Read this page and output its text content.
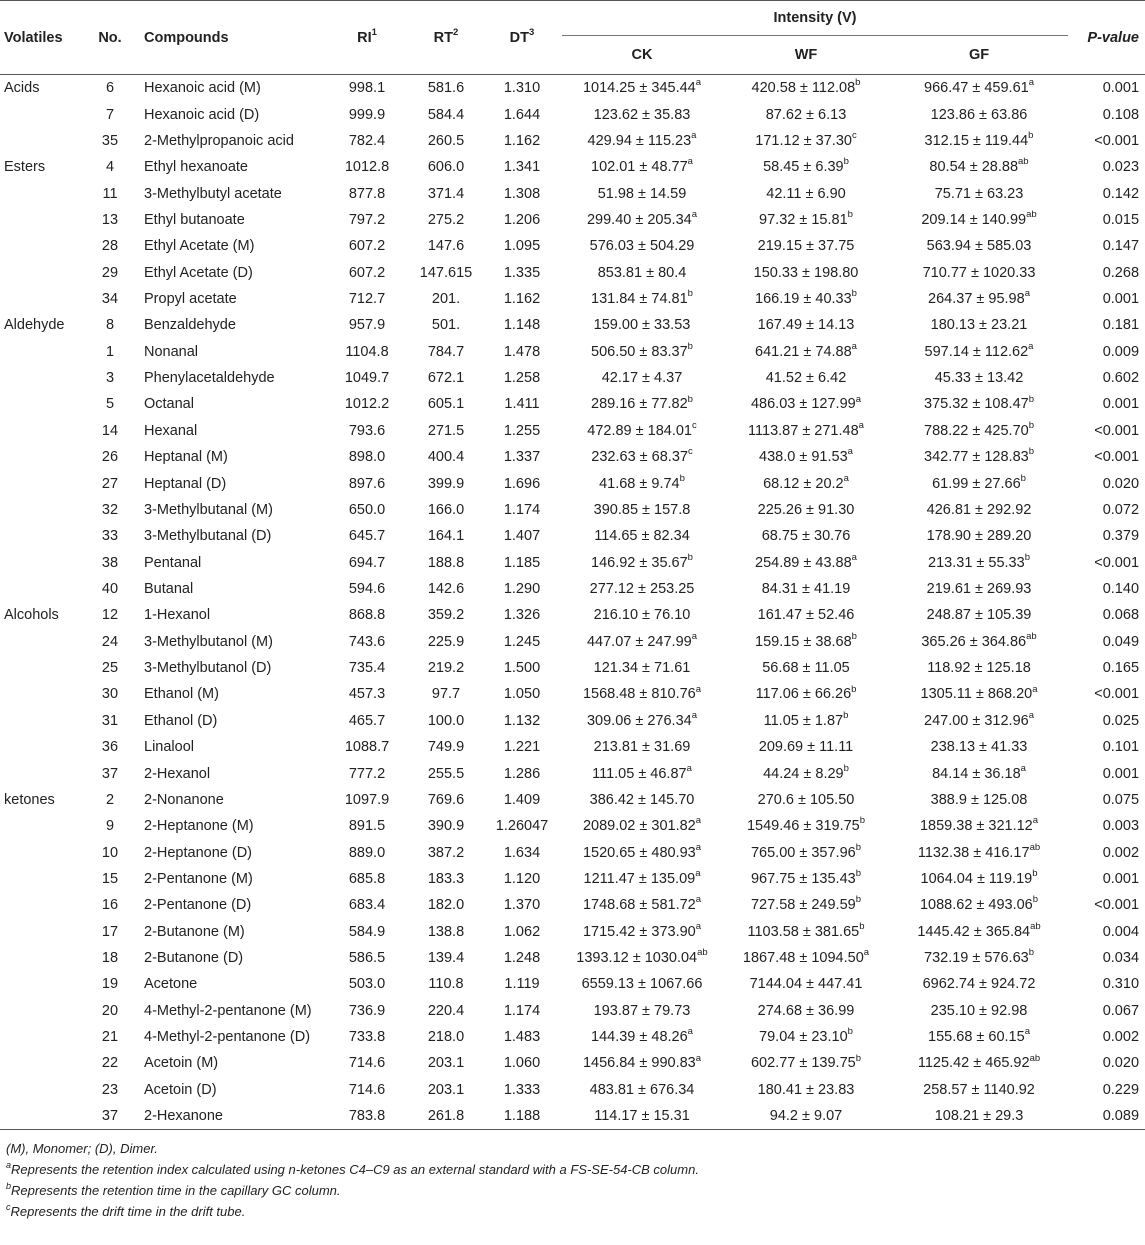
Volatiles	No.	Compounds	$RI^1$	$RT^2$	$DT^3$	Intensity (V)			P-value
						CK	WF	GF	
Acids	6	Hexanoic acid (M)	998.1	581.6	1.310	1014.25 ± 345.44$^a$	420.58 ± 112.08$^b$	966.47 ± 459.61$^a$	0.001
	7	Hexanoic acid (D)	999.9	584.4	1.644	123.62 ± 35.83	87.62 ± 6.13	123.86 ± 63.86	0.108
	35	2-Methylpropanoic acid	782.4	260.5	1.162	429.94 ± 115.23$^a$	171.12 ± 37.30$^c$	312.15 ± 119.44$^b$	<0.001
Esters	4	Ethyl hexanoate	1012.8	606.0	1.341	102.01 ± 48.77$^a$	58.45 ± 6.39$^b$	80.54 ± 28.88$^{ab}$	0.023
	11	3-Methylbutyl acetate	877.8	371.4	1.308	51.98 ± 14.59	42.11 ± 6.90	75.71 ± 63.23	0.142
	13	Ethyl butanoate	797.2	275.2	1.206	299.40 ± 205.34$^a$	97.32 ± 15.81$^b$	209.14 ± 140.99$^{ab}$	0.015
	28	Ethyl Acetate (M)	607.2	147.6	1.095	576.03 ± 504.29	219.15 ± 37.75	563.94 ± 585.03	0.147
	29	Ethyl Acetate (D)	607.2	147.615	1.335	853.81 ± 80.4	150.33 ± 198.80	710.77 ± 1020.33	0.268
	34	Propyl acetate	712.7	201.	1.162	131.84 ± 74.81$^b$	166.19 ± 40.33$^b$	264.37 ± 95.98$^a$	0.001
Aldehyde	8	Benzaldehyde	957.9	501.	1.148	159.00 ± 33.53	167.49 ± 14.13	180.13 ± 23.21	0.181
	1	Nonanal	1104.8	784.7	1.478	506.50 ± 83.37$^b$	641.21 ± 74.88$^a$	597.14 ± 112.62$^a$	0.009
	3	Phenylacetaldehyde	1049.7	672.1	1.258	42.17 ± 4.37	41.52 ± 6.42	45.33 ± 13.42	0.602
	5	Octanal	1012.2	605.1	1.411	289.16 ± 77.82$^b$	486.03 ± 127.99$^a$	375.32 ± 108.47$^b$	0.001
	14	Hexanal	793.6	271.5	1.255	472.89 ± 184.01$^c$	1113.87 ± 271.48$^a$	788.22 ± 425.70$^b$	<0.001
	26	Heptanal (M)	898.0	400.4	1.337	232.63 ± 68.37$^c$	438.0 ± 91.53$^a$	342.77 ± 128.83$^b$	<0.001
	27	Heptanal (D)	897.6	399.9	1.696	41.68 ± 9.74$^b$	68.12 ± 20.2$^a$	61.99 ± 27.66$^b$	0.020
	32	3-Methylbutanal (M)	650.0	166.0	1.174	390.85 ± 157.8	225.26 ± 91.30	426.81 ± 292.92	0.072
	33	3-Methylbutanal (D)	645.7	164.1	1.407	114.65 ± 82.34	68.75 ± 30.76	178.90 ± 289.20	0.379
	38	Pentanal	694.7	188.8	1.185	146.92 ± 35.67$^b$	254.89 ± 43.88$^a$	213.31 ± 55.33$^b$	<0.001
	40	Butanal	594.6	142.6	1.290	277.12 ± 253.25	84.31 ± 41.19	219.61 ± 269.93	0.140
Alcohols	12	1-Hexanol	868.8	359.2	1.326	216.10 ± 76.10	161.47 ± 52.46	248.87 ± 105.39	0.068
	24	3-Methylbutanol (M)	743.6	225.9	1.245	447.07 ± 247.99$^a$	159.15 ± 38.68$^b$	365.26 ± 364.86$^{ab}$	0.049
	25	3-Methylbutanol (D)	735.4	219.2	1.500	121.34 ± 71.61	56.68 ± 11.05	118.92 ± 125.18	0.165
	30	Ethanol (M)	457.3	97.7	1.050	1568.48 ± 810.76$^a$	117.06 ± 66.26$^b$	1305.11 ± 868.20$^a$	<0.001
	31	Ethanol (D)	465.7	100.0	1.132	309.06 ± 276.34$^a$	11.05 ± 1.87$^b$	247.00 ± 312.96$^a$	0.025
	36	Linalool	1088.7	749.9	1.221	213.81 ± 31.69	209.69 ± 11.11	238.13 ± 41.33	0.101
	37	2-Hexanol	777.2	255.5	1.286	111.05 ± 46.87$^a$	44.24 ± 8.29$^b$	84.14 ± 36.18$^a$	0.001
ketones	2	2-Nonanone	1097.9	769.6	1.409	386.42 ± 145.70	270.6 ± 105.50	388.9 ± 125.08	0.075
	9	2-Heptanone (M)	891.5	390.9	1.26047	2089.02 ± 301.82$^a$	1549.46 ± 319.75$^b$	1859.38 ± 321.12$^a$	0.003
	10	2-Heptanone (D)	889.0	387.2	1.634	1520.65 ± 480.93$^a$	765.00 ± 357.96$^b$	1132.38 ± 416.17$^{ab}$	0.002
	15	2-Pentanone (M)	685.8	183.3	1.120	1211.47 ± 135.09$^a$	967.75 ± 135.43$^b$	1064.04 ± 119.19$^b$	0.001
	16	2-Pentanone (D)	683.4	182.0	1.370	1748.68 ± 581.72$^a$	727.58 ± 249.59$^b$	1088.62 ± 493.06$^b$	<0.001
	17	2-Butanone (M)	584.9	138.8	1.062	1715.42 ± 373.90$^a$	1103.58 ± 381.65$^b$	1445.42 ± 365.84$^{ab}$	0.004
	18	2-Butanone (D)	586.5	139.4	1.248	1393.12 ± 1030.04$^{ab}$	1867.48 ± 1094.50$^a$	732.19 ± 576.63$^b$	0.034
	19	Acetone	503.0	110.8	1.119	6559.13 ± 1067.66	7144.04 ± 447.41	6962.74 ± 924.72	0.310
	20	4-Methyl-2-pentanone (M)	736.9	220.4	1.174	193.87 ± 79.73	274.68 ± 36.99	235.10 ± 92.98	0.067
	21	4-Methyl-2-pentanone (D)	733.8	218.0	1.483	144.39 ± 48.26$^a$	79.04 ± 23.10$^b$	155.68 ± 60.15$^a$	0.002
	22	Acetoin (M)	714.6	203.1	1.060	1456.84 ± 990.83$^a$	602.77 ± 139.75$^b$	1125.42 ± 465.92$^{ab}$	0.020
	23	Acetoin (D)	714.6	203.1	1.333	483.81 ± 676.34	180.41 ± 23.83	258.57 ± 1140.92	0.229
	37	2-Hexanone	783.8	261.8	1.188	114.17 ± 15.31	94.2 ± 9.07	108.21 ± 29.3	0.089
(M), Monomer; (D), Dimer.
$^a$Represents the retention index calculated using n-ketones C4–C9 as an external standard with a FS-SE-54-CB column.
$^b$Represents the retention time in the capillary GC column.
$^c$Represents the drift time in the drift tube.
